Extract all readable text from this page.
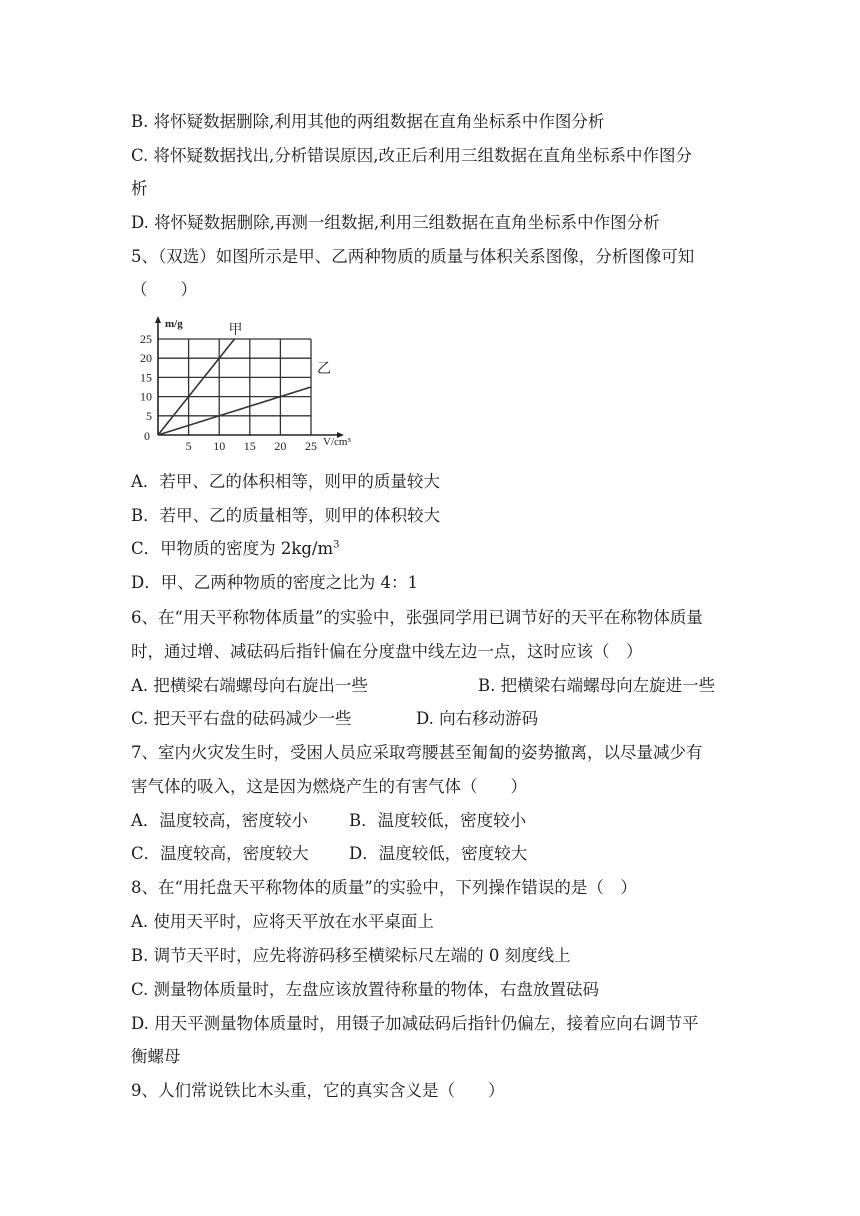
B. 将怀疑数据删除,利用其他的两组数据在直角坐标系中作图分析
C. 将怀疑数据找出,分析错误原因,改正后利用三组数据在直角坐标系中作图分
析
D. 将怀疑数据删除,再测一组数据,利用三组数据在直角坐标系中作图分析
5、（双选）如图所示是甲、乙两种物质的质量与体积关系图像，分析图像可知
（　　）
5 10 15 20 25
5
10
15
20
25
0
m/g
V/cm³
甲
乙
A．若甲、乙的体积相等，则甲的质量较大
B．若甲、乙的质量相等，则甲的体积较大
C．甲物质的密度为 $2kg/m^3$
D．甲、乙两种物质的密度之比为 4：1
6、在“用天平称物体质量”的实验中，张强同学用已调节好的天平在称物体质量
时，通过增、减砝码后指针偏在分度盘中线左边一点，这时应该（　）
A. 把横梁右端螺母向右旋出一些	B. 把横梁右端螺母向左旋进一些
C. 把天平右盘的砝码减少一些	D. 向右移动游码
7、室内火灾发生时，受困人员应采取弯腰甚至匍匐的姿势撤离，以尽量减少有
害气体的吸入，这是因为燃烧产生的有害气体（　　）
A．温度较高，密度较小 B．温度较低，密度较小
C．温度较高，密度较大 D．温度较低，密度较大
8、在“用托盘天平称物体的质量”的实验中，下列操作错误的是（　）
A. 使用天平时，应将天平放在水平桌面上
B. 调节天平时，应先将游码移至横梁标尺左端的 0 刻度线上
C. 测量物体质量时，左盘应该放置待称量的物体，右盘放置砝码
D. 用天平测量物体质量时，用镊子加减砝码后指针仍偏左，接着应向右调节平
衡螺母
9、人们常说铁比木头重，它的真实含义是（　　）
